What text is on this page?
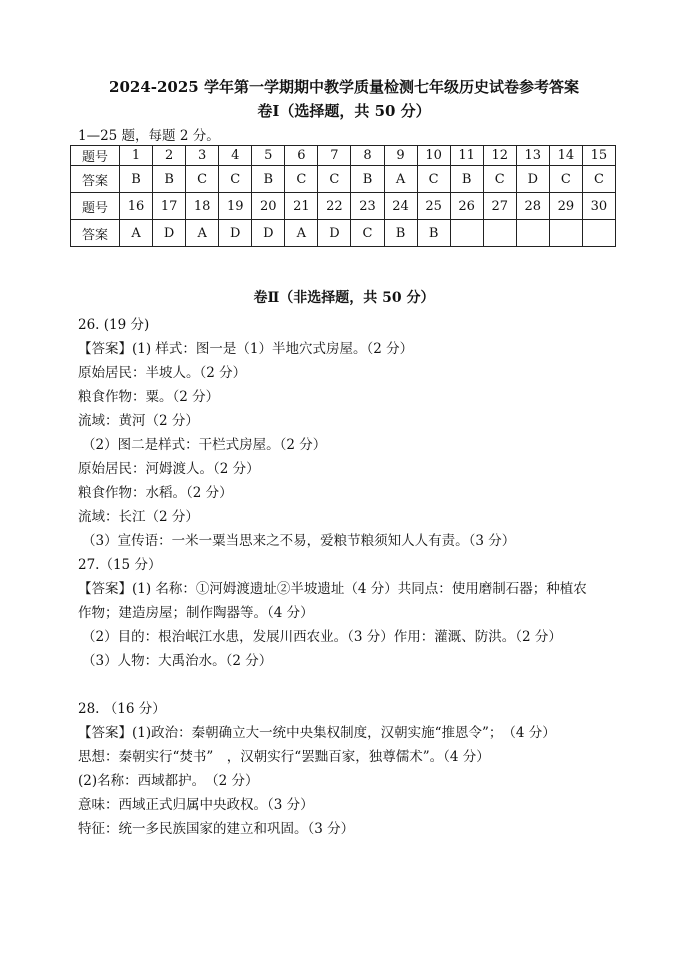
2024-2025 学年第一学期期中教学质量检测七年级历史试卷参考答案
卷Ⅰ（选择题，共 50 分）
1—25 题，每题 2 分。
题号	1	2	3	4	5	6	7	8	9	10	11	12	13	14	15
答案	B	B	C	C	B	C	C	B	A	C	B	C	D	C	C
题号	16	17	18	19	20	21	22	23	24	25	26	27	28	29	30
答案	A	D	A	D	D	A	D	C	B	B					
卷Ⅱ（非选择题，共 50 分）
26. (19 分)
【答案】(1) 样式：图一是（1）半地穴式房屋。（2 分）
原始居民：半坡人。（2 分）
粮食作物：粟。（2 分）
流域：黄河（2 分）
（2）图二是样式：干栏式房屋。（2 分）
原始居民：河姆渡人。（2 分）
粮食作物：水稻。（2 分）
流域：长江（2 分）
（3）宣传语：一米一粟当思来之不易，爱粮节粮须知人人有责。（3 分）
27.（15 分）
【答案】(1) 名称：①河姆渡遗址②半坡遗址（4 分）共同点：使用磨制石器；种植农
作物；建造房屋；制作陶器等。（4 分）
（2）目的：根治岷江水患，发展川西农业。（3 分）作用：灌溉、防洪。（2 分）
（3）人物：大禹治水。（2 分）
28. （16 分）
【答案】(1)政治：秦朝确立大一统中央集权制度，汉朝实施“推恩令”；　（4 分）
思想：秦朝实行“焚书”　，汉朝实行“罢黜百家，独尊儒术”。（4 分）
(2)名称：西域都护。　（2 分）
意味：西域正式归属中央政权。（3 分）
特征：统一多民族国家的建立和巩固。（3 分）
